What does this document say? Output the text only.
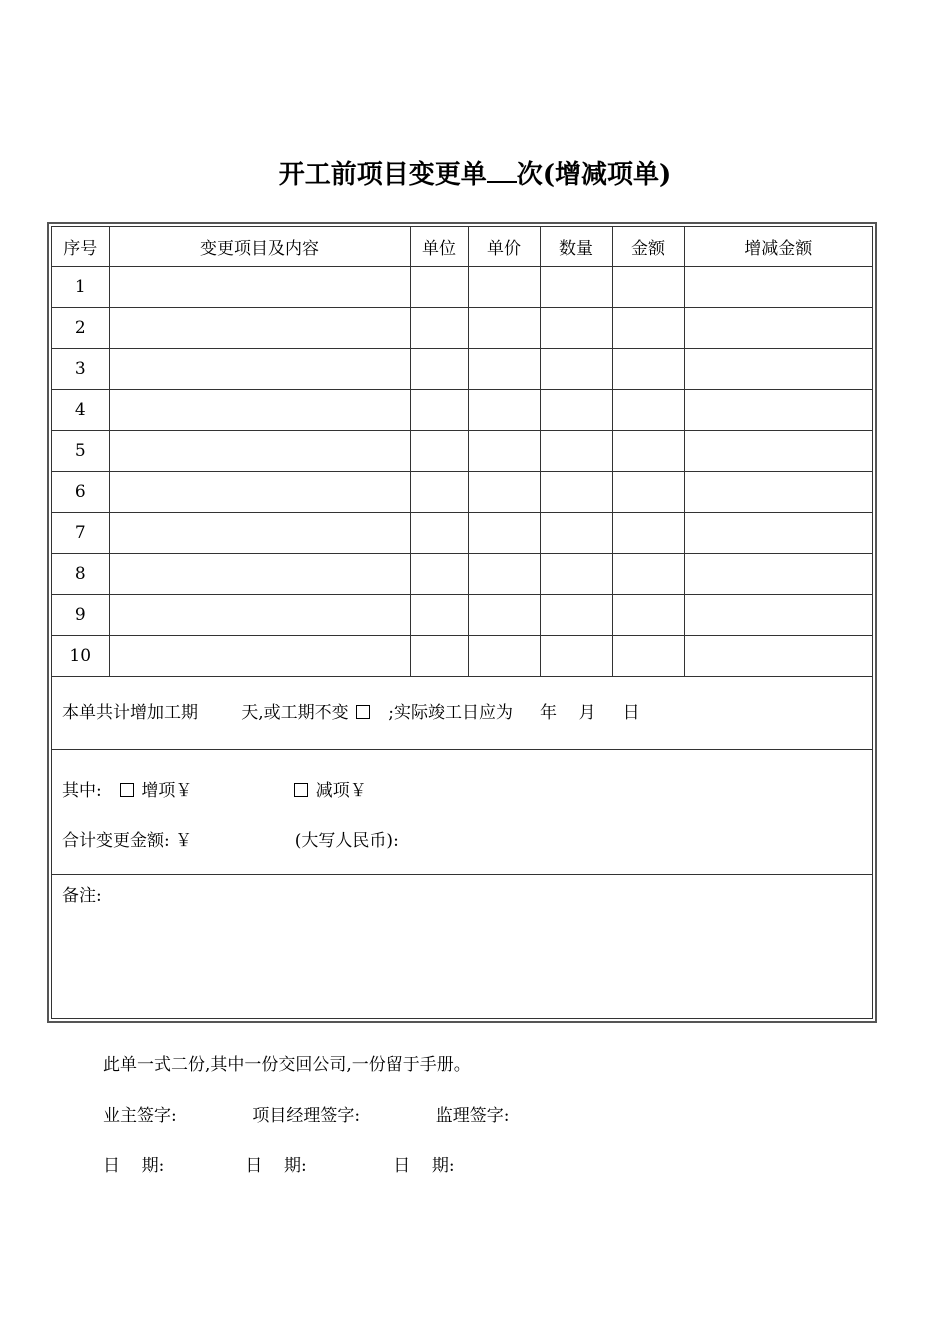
开工前项目变更单 次(增减项单)
序号	变更项目及内容	单位	单价	数量	金额	增减金额
1						
2						
3						
4						
5						
6						
7						
8						
9						
10						
本单共计增加工期        天,或工期不变    ;实际竣工日应为     年    月     日
其中:    增项￥	减项￥
合计变更金额: ￥                   (大写人民币):
备注:
此单一式二份,其中一份交回公司,一份留于手册。
业主签字:              项目经理签字:              监理签字:
日    期:               日    期:                日    期:
